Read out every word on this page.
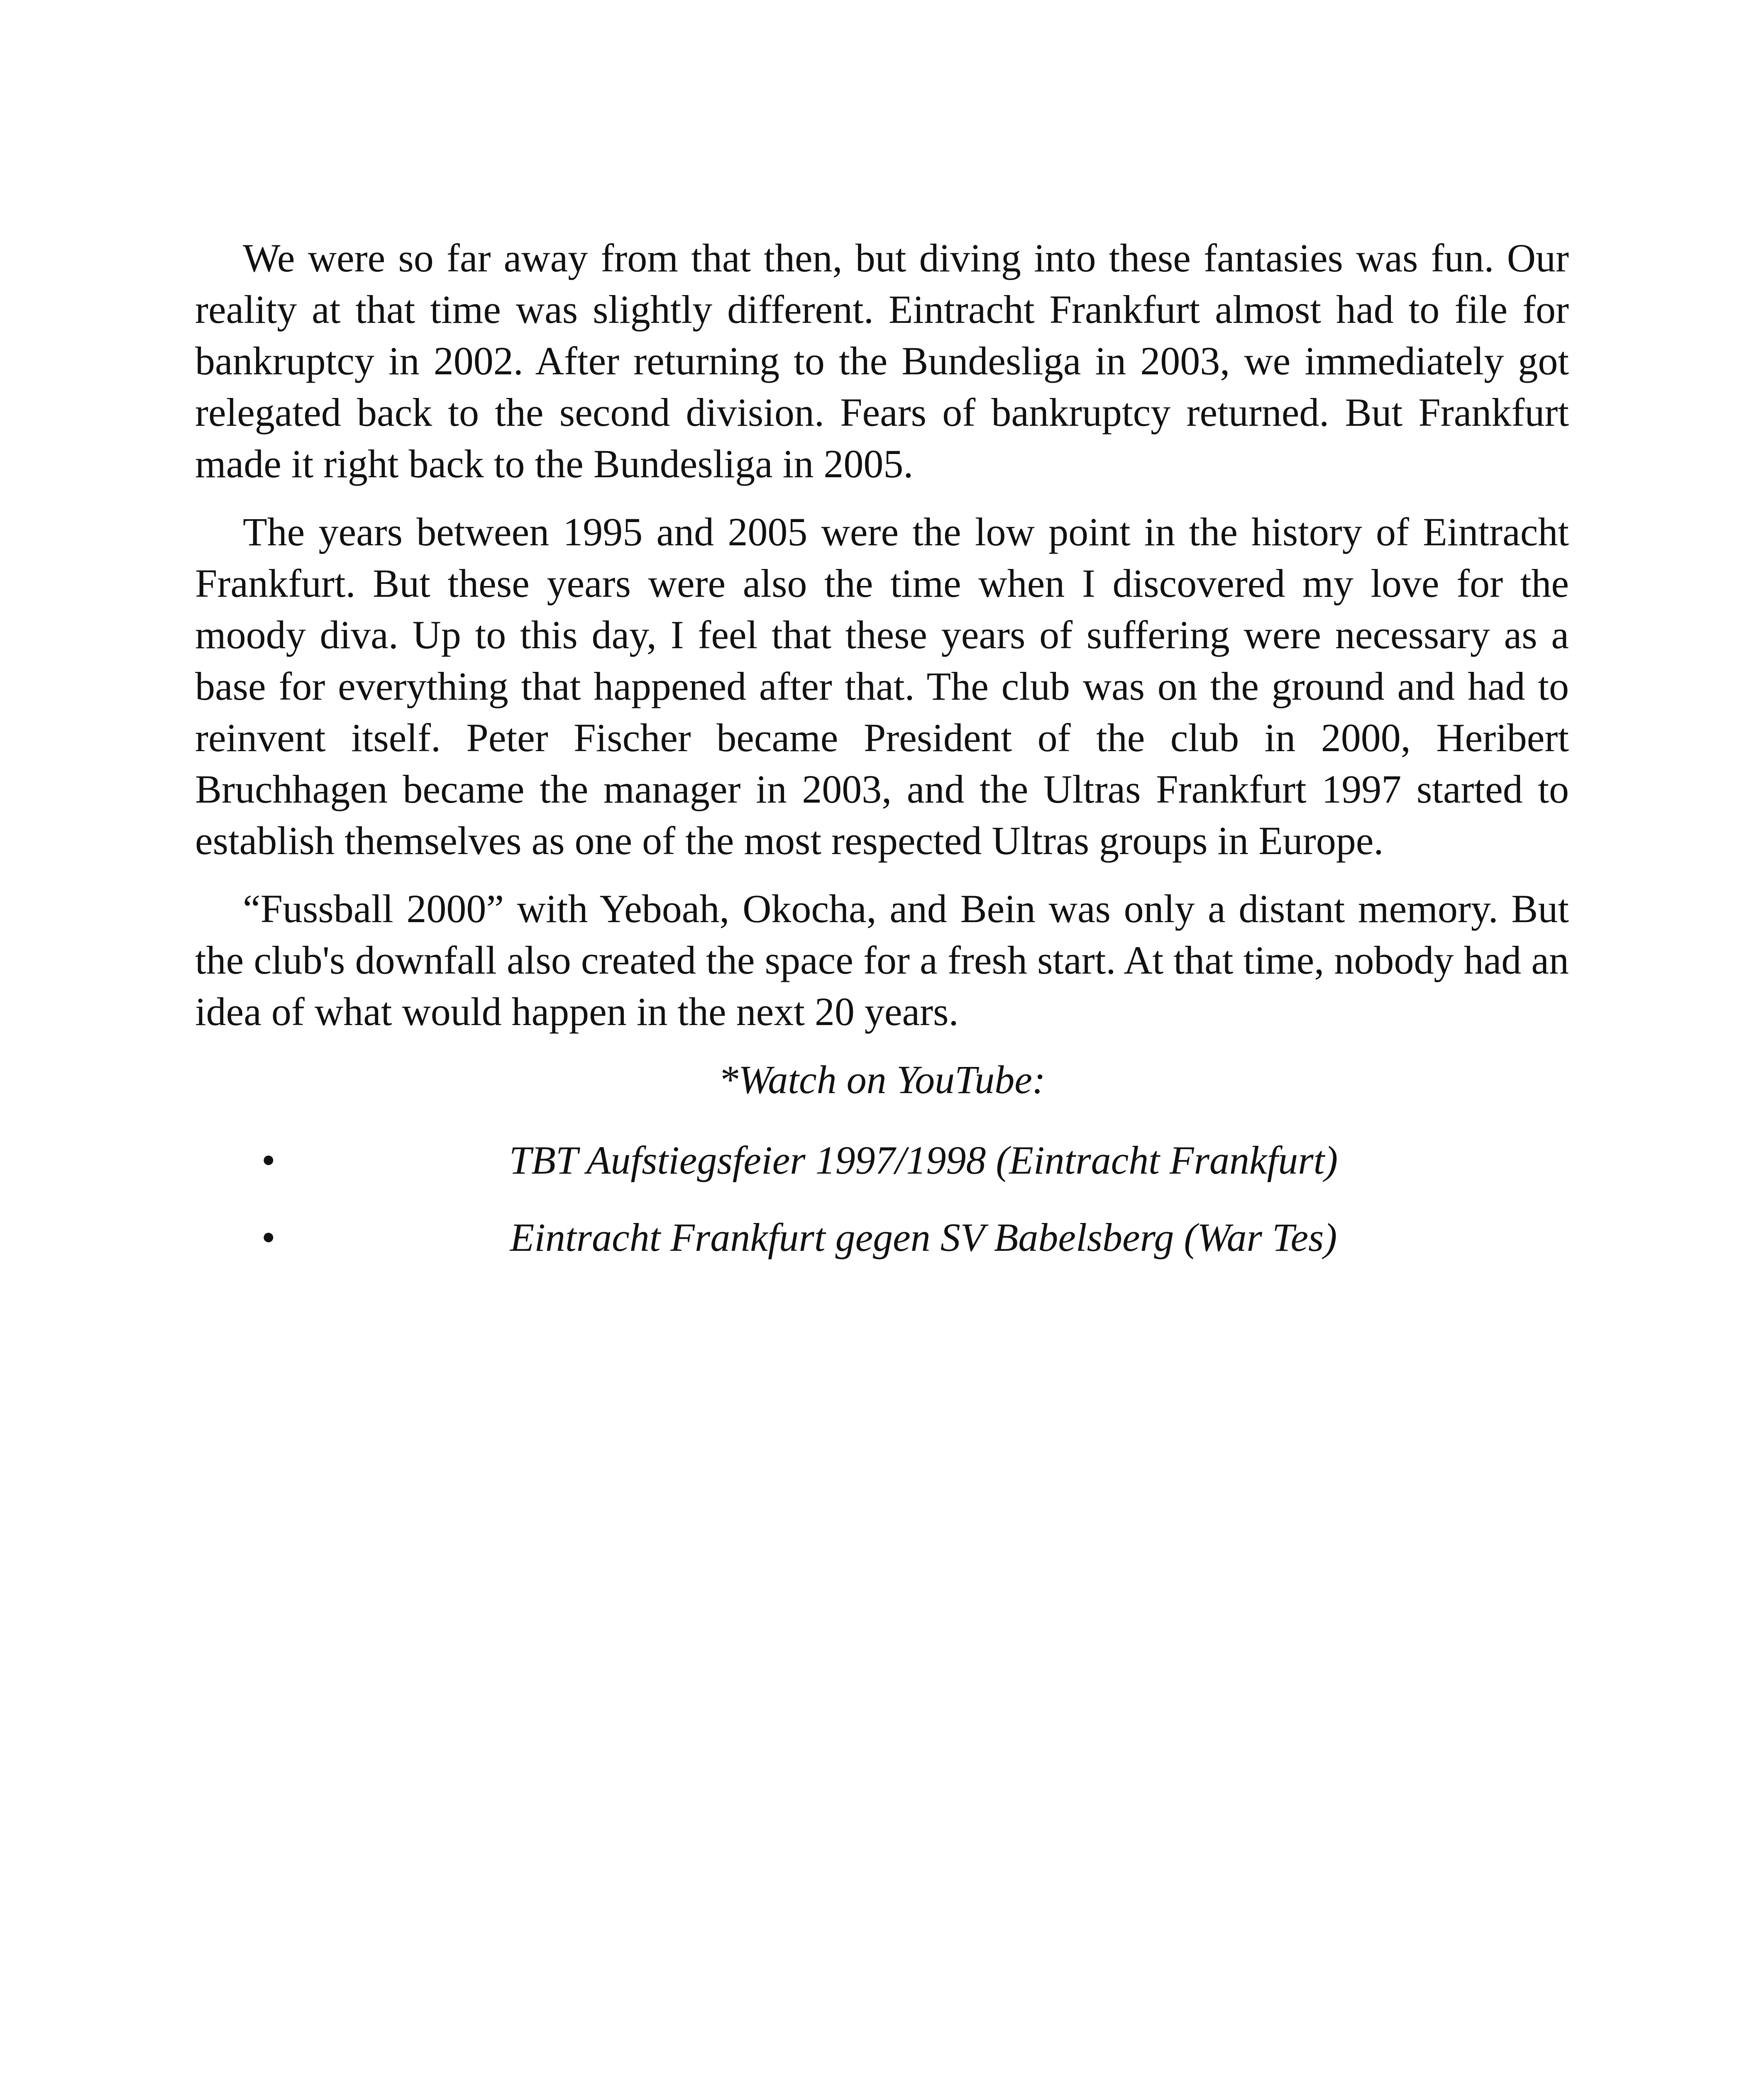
We were so far away from that then, but diving into these fantasies was fun. Our reality at that time was slightly different. Eintracht Frankfurt almost had to file for bankruptcy in 2002. After returning to the Bundesliga in 2003, we immediately got relegated back to the second division. Fears of bankruptcy returned. But Frankfurt made it right back to the Bundesliga in 2005.

The years between 1995 and 2005 were the low point in the history of Eintracht Frankfurt. But these years were also the time when I discovered my love for the moody diva. Up to this day, I feel that these years of suffering were necessary as a base for everything that happened after that. The club was on the ground and had to reinvent itself. Peter Fischer became President of the club in 2000, Heribert Bruchhagen became the manager in 2003, and the Ultras Frankfurt 1997 started to establish themselves as one of the most respected Ultras groups in Europe.

“Fussball 2000” with Yeboah, Okocha, and Bein was only a distant memory. But the club's downfall also created the space for a fresh start. At that time, nobody had an idea of what would happen in the next 20 years.

*Watch on YouTube:

•	TBT Aufstiegsfeier 1997/1998 (Eintracht Frankfurt)
•	Eintracht Frankfurt gegen SV Babelsberg (War Tes)
